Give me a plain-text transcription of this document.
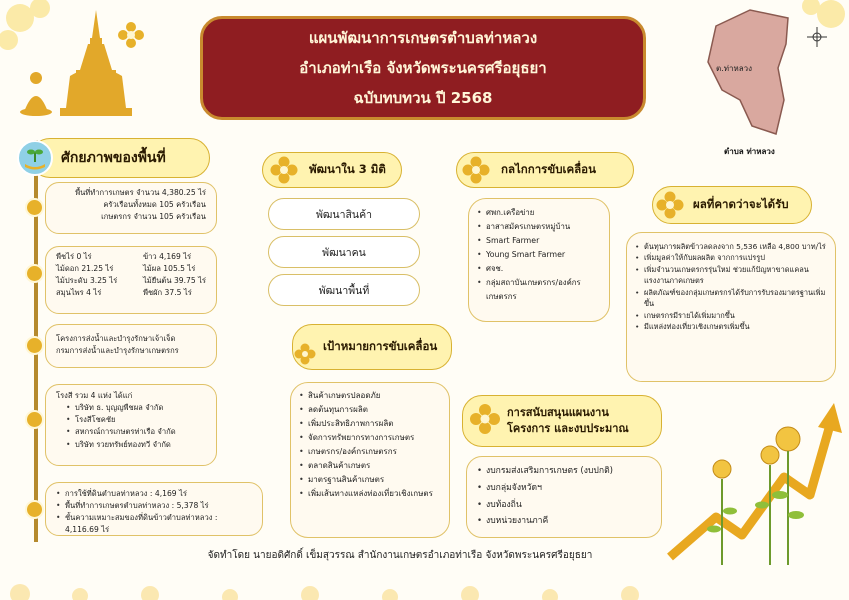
แผนพัฒนาการเกษตรตำบลท่าหลวง
อำเภอท่าเรือ จังหวัดพระนครศรีอยุธยา
ฉบับทบทวน ปี 2568
ต.ท่าหลวง
ตำบล ท่าหลวง
ศักยภาพของพื้นที่
พื้นที่ทำการเกษตร จำนวน 4,380.25 ไร่
ครัวเรือนทั้งหมด 105 ครัวเรือน
เกษตรกร จำนวน 105 ครัวเรือน
พืชไร่ 0 ไร่
ไม้ดอก 21.25 ไร่
ไม้ประดับ 3.25 ไร่
สมุนไพร 4 ไร่
ข้าว 4,169 ไร่
ไม้ผล 105.5 ไร่
ไม้ยืนต้น 39.75 ไร่
พืชผัก 37.5 ไร่
โครงการส่งน้ำและบำรุงรักษาเจ้าเจ็ด
กรมการส่งน้ำและบำรุงรักษาเกษตรกร
โรงสี รวม 4 แห่ง ได้แก่
• บริษัท ธ. บุญญพืชผล จำกัด
• โรงสีโชคชัย
• สหกรณ์การเกษตรท่าเรือ จำกัด
• บริษัท รวยทรัพย์ทองทวี จำกัด
• การใช้ที่ดินตำบลท่าหลวง : 4,169 ไร่
• พื้นที่ทำการเกษตรตำบลท่าหลวง : 5,378 ไร่
• ชั้นความเหมาะสมของที่ดินข้าวตำบลท่าหลวง : 4,116.69 ไร่
พัฒนาใน 3 มิติ
พัฒนาสินค้า
พัฒนาคน
พัฒนาพื้นที่
เป้าหมายการขับเคลื่อน
• สินค้าเกษตรปลอดภัย
• ลดต้นทุนการผลิต
• เพิ่มประสิทธิภาพการผลิต
• จัดการทรัพยากรทางการเกษตร
• เกษตรกร/องค์กรเกษตรกร
• ตลาดสินค้าเกษตร
• มาตรฐานสินค้าเกษตร
• เพิ่มเส้นทางแหล่งท่องเที่ยวเชิงเกษตร
กลไกการขับเคลื่อน
• ศพก.เครือข่าย
• อาสาสมัครเกษตรหมู่บ้าน
• Smart Farmer
• Young Smart Farmer
• ศจช.
• กลุ่มสถาบันเกษตรกร/องค์กรเกษตรกร
ผลที่คาดว่าจะได้รับ
• ต้นทุนการผลิตข้าวลดลงจาก 5,536 เหลือ 4,800 บาท/ไร่
• เพิ่มมูลค่าให้กับผลผลิต จากการแปรรูป
• เพิ่มจำนวนเกษตรกรรุ่นใหม่ ช่วยแก้ปัญหาขาดแคลนแรงงานภาคเกษตร
• ผลิตภัณฑ์ของกลุ่มเกษตรกรได้รับการรับรองมาตรฐานเพิ่มขึ้น
• เกษตรกรมีรายได้เพิ่มมากขึ้น
• มีแหล่งท่องเที่ยวเชิงเกษตรเพิ่มขึ้น
การสนับสนุนแผนงาน
โครงการ และงบประมาณ
• งบกรมส่งเสริมการเกษตร (งบปกติ)
• งบกลุ่มจังหวัดฯ
• งบท้องถิ่น
• งบหน่วยงานภาคี
จัดทำโดย นายอดิศักดิ์ เข็มสุวรรณ สำนักงานเกษตรอำเภอท่าเรือ จังหวัดพระนครศรีอยุธยา
